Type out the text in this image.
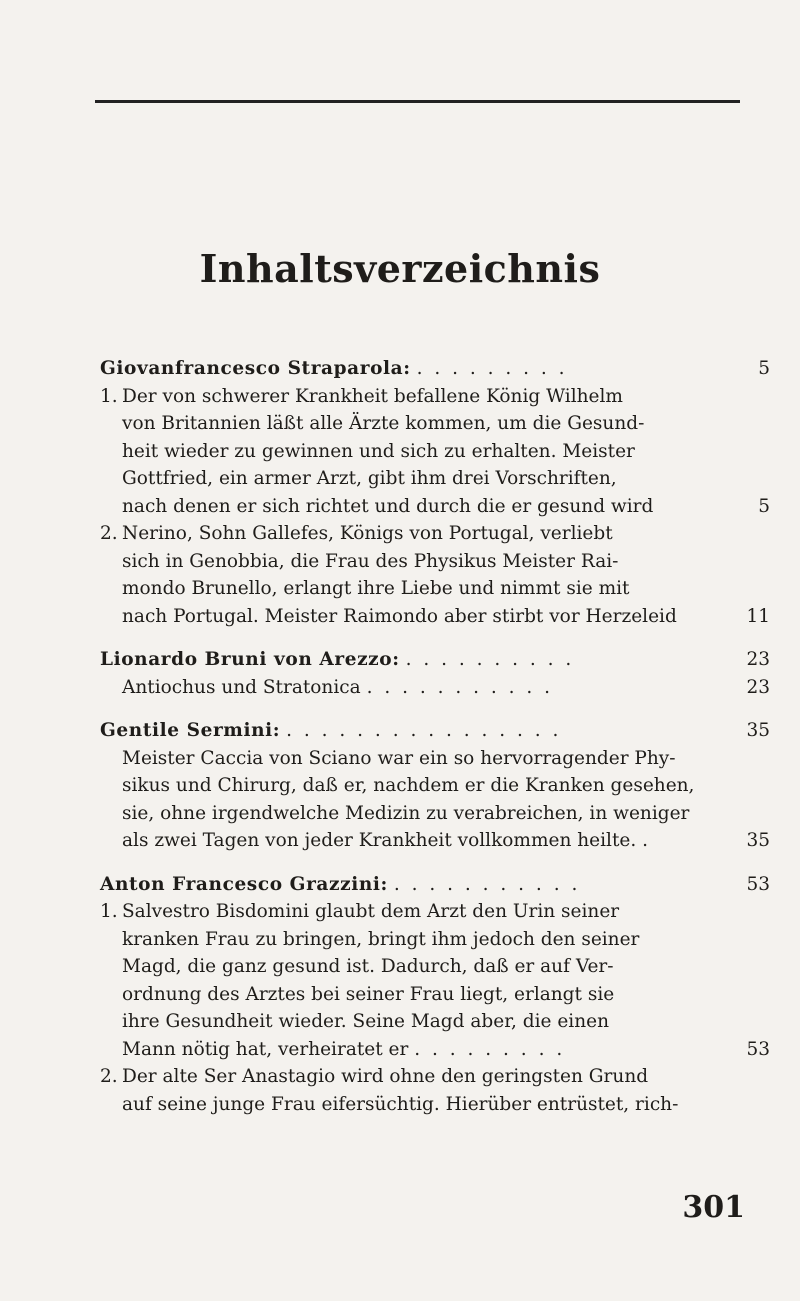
Inhaltsverzeichnis
Giovanfrancesco Straparola: . . . . . . . . .	5
1. Der von schwerer Krankheit befallene König Wilhelm
von Britannien läßt alle Ärzte kommen, um die Gesund-
heit wieder zu gewinnen und sich zu erhalten. Meister
Gottfried, ein armer Arzt, gibt ihm drei Vorschriften,
nach denen er sich richtet und durch die er gesund wird	5
2. Nerino, Sohn Gallefes, Königs von Portugal, verliebt
sich in Genobbia, die Frau des Physikus Meister Rai-
mondo Brunello, erlangt ihre Liebe und nimmt sie mit
nach Portugal. Meister Raimondo aber stirbt vor Herzeleid	11
Lionardo Bruni von Arezzo: . . . . . . . . . .	23
Antiochus und Stratonica . . . . . . . . . . .	23
Gentile Sermini: . . . . . . . . . . . . . . . .	35
Meister Caccia von Sciano war ein so hervorragender Phy-
sikus und Chirurg, daß er, nachdem er die Kranken gesehen,
sie, ohne irgendwelche Medizin zu verabreichen, in weniger
als zwei Tagen von jeder Krankheit vollkommen heilte. .	35
Anton Francesco Grazzini: . . . . . . . . . . .	53
1. Salvestro Bisdomini glaubt dem Arzt den Urin seiner
kranken Frau zu bringen, bringt ihm jedoch den seiner
Magd, die ganz gesund ist. Dadurch, daß er auf Ver-
ordnung des Arztes bei seiner Frau liegt, erlangt sie
ihre Gesundheit wieder. Seine Magd aber, die einen
Mann nötig hat, verheiratet er . . . . . . . . .	53
2. Der alte Ser Anastagio wird ohne den geringsten Grund
auf seine junge Frau eifersüchtig. Hierüber entrüstet, rich-
301
